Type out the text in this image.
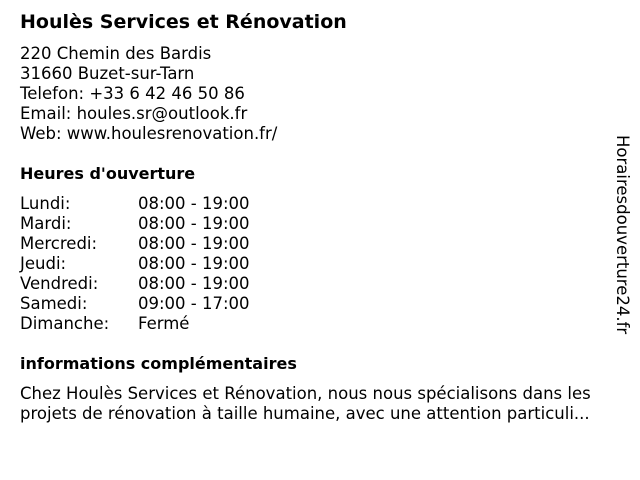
Houlès Services et Rénovation
220 Chemin des Bardis
31660 Buzet-sur-Tarn
Telefon: +33 6 42 46 50 86
Email: houles.sr@outlook.fr
Web: www.houlesrenovation.fr/
Heures d'ouverture
Lundi:	08:00 - 19:00
Mardi:	08:00 - 19:00
Mercredi: 08:00 - 19:00
Jeudi:	08:00 - 19:00
Vendredi: 08:00 - 19:00
Samedi:	09:00 - 17:00
Dimanche: Fermé
informations complémentaires
Chez Houlès Services et Rénovation, nous nous spécialisons dans les
projets de rénovation à taille humaine, avec une attention particuli...
Horairesdouverture24.fr
